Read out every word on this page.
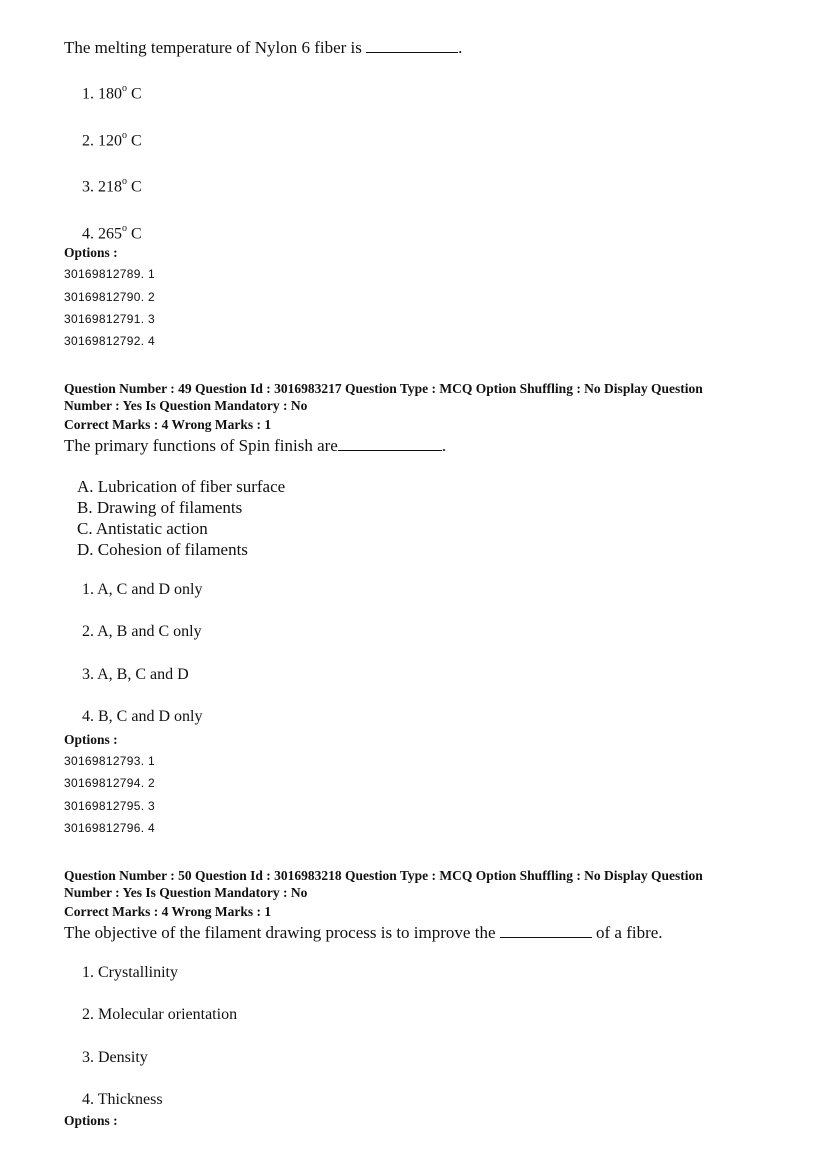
The melting temperature of Nylon 6 fiber is	.
1. 180$^o$ C
2. 120$^o$ C
3. 218$^o$ C
4. 265$^o$ C
Options :
30169812789. 1
30169812790. 2
30169812791. 3
30169812792. 4
Question Number : 49 Question Id : 3016983217 Question Type : MCQ Option Shuffling : No Display Question
Number : Yes Is Question Mandatory : No
Correct Marks : 4 Wrong Marks : 1
The primary functions of Spin finish are	.
A. Lubrication of fiber surface
B. Drawing of filaments
C. Antistatic action
D. Cohesion of filaments
1. A, C and D only
2. A, B and C only
3. A, B, C and D
4. B, C and D only
Options :
30169812793. 1
30169812794. 2
30169812795. 3
30169812796. 4
Question Number : 50 Question Id : 3016983218 Question Type : MCQ Option Shuffling : No Display Question
Number : Yes Is Question Mandatory : No
Correct Marks : 4 Wrong Marks : 1
The objective of the filament drawing process is to improve the	of a fibre.
1. Crystallinity
2. Molecular orientation
3. Density
4. Thickness
Options :
